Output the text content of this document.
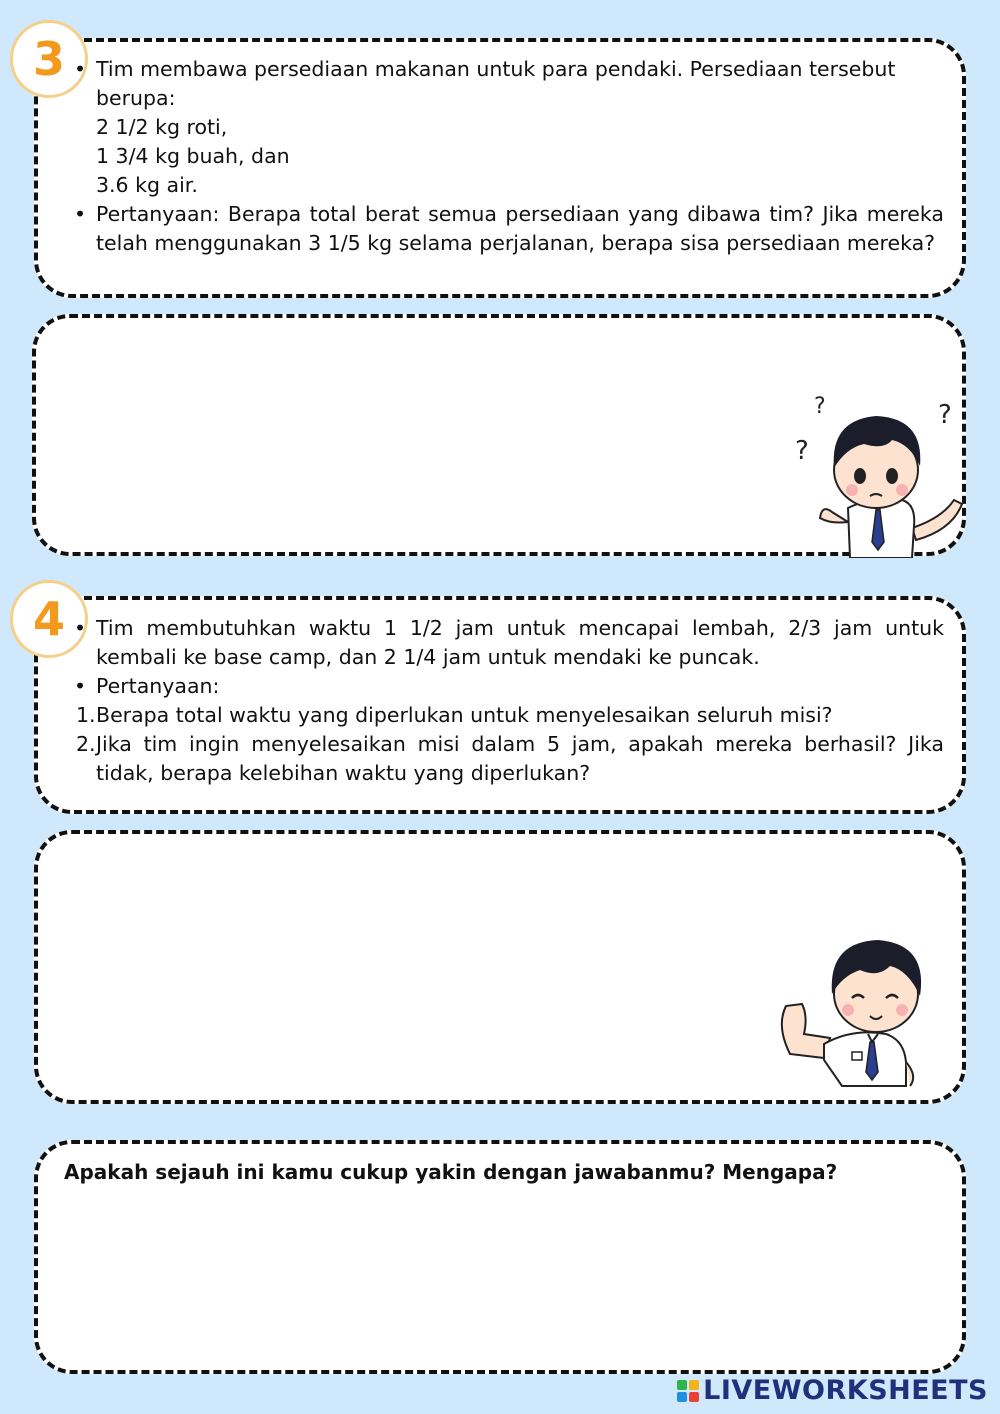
3	• Tim membawa persediaan makanan untuk para pendaki. Persediaan tersebut
berupa:

2 1/2 kg roti,

1 3/4 kg buah, dan

3.6 kg air.

• Pertanyaan: Berapa total berat semua persediaan yang dibawa tim? Jika mereka telah menggunakan 3 1/5 kg selama perjalanan, berapa sisa persediaan mereka?

?	?
?
4	• Tim membutuhkan waktu 1 1/2 jam untuk mencapai lembah, 2/3 jam untuk kembali ke base camp, dan 2 1/4 jam untuk mendaki ke puncak.

• Pertanyaan:

1. Berapa total waktu yang diperlukan untuk menyelesaikan seluruh misi?

2. Jika tim ingin menyelesaikan misi dalam 5 jam, apakah mereka berhasil? Jika tidak, berapa kelebihan waktu yang diperlukan?

Apakah sejauh ini kamu cukup yakin dengan jawabanmu? Mengapa?
LIVEWORKSHEETS
